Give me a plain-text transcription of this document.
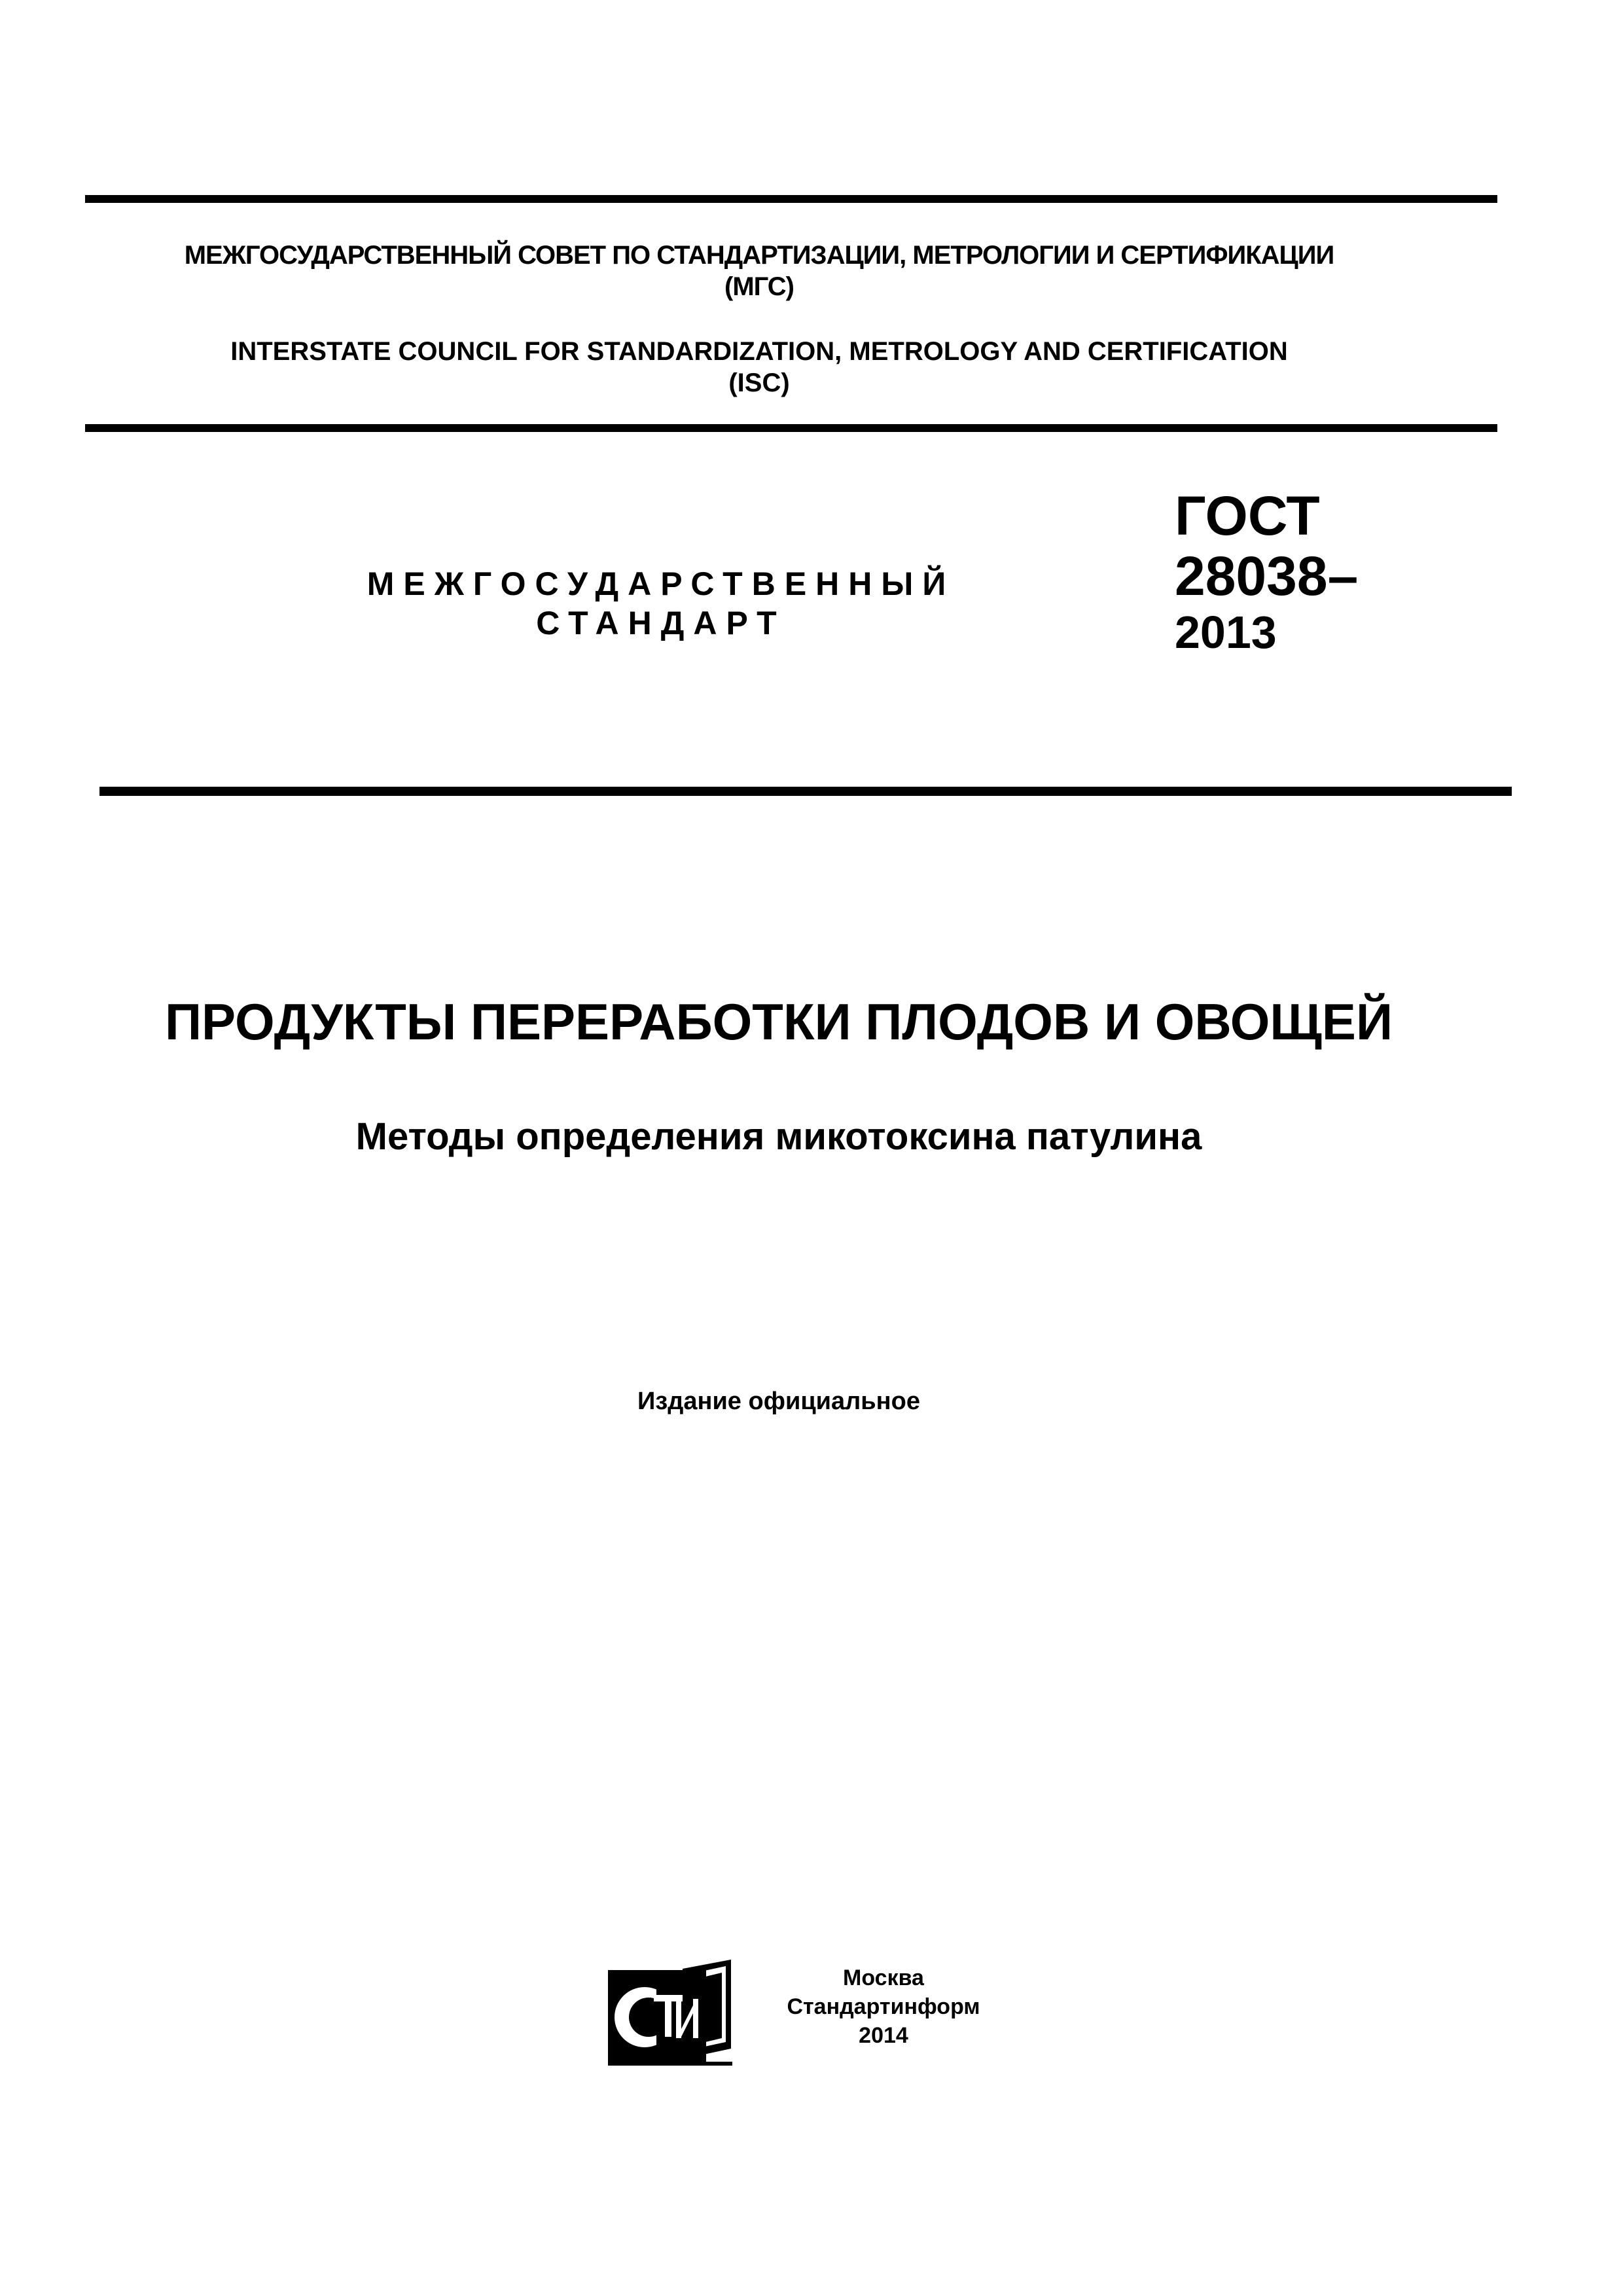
МЕЖГОСУДАРСТВЕННЫЙ СОВЕТ ПО СТАНДАРТИЗАЦИИ, МЕТРОЛОГИИ И СЕРТИФИКАЦИИ
(МГС)
INTERSTATE COUNCIL FOR STANDARDIZATION, METROLOGY AND CERTIFICATION
(ISC)
МЕЖГОСУДАРСТВЕННЫЙ
СТАНДАРТ
ГОСТ
28038–
2013
ПРОДУКТЫ ПЕРЕРАБОТКИ ПЛОДОВ И ОВОЩЕЙ
Методы определения микотоксина патулина
Издание официальное
Москва
Стандартинформ
2014
